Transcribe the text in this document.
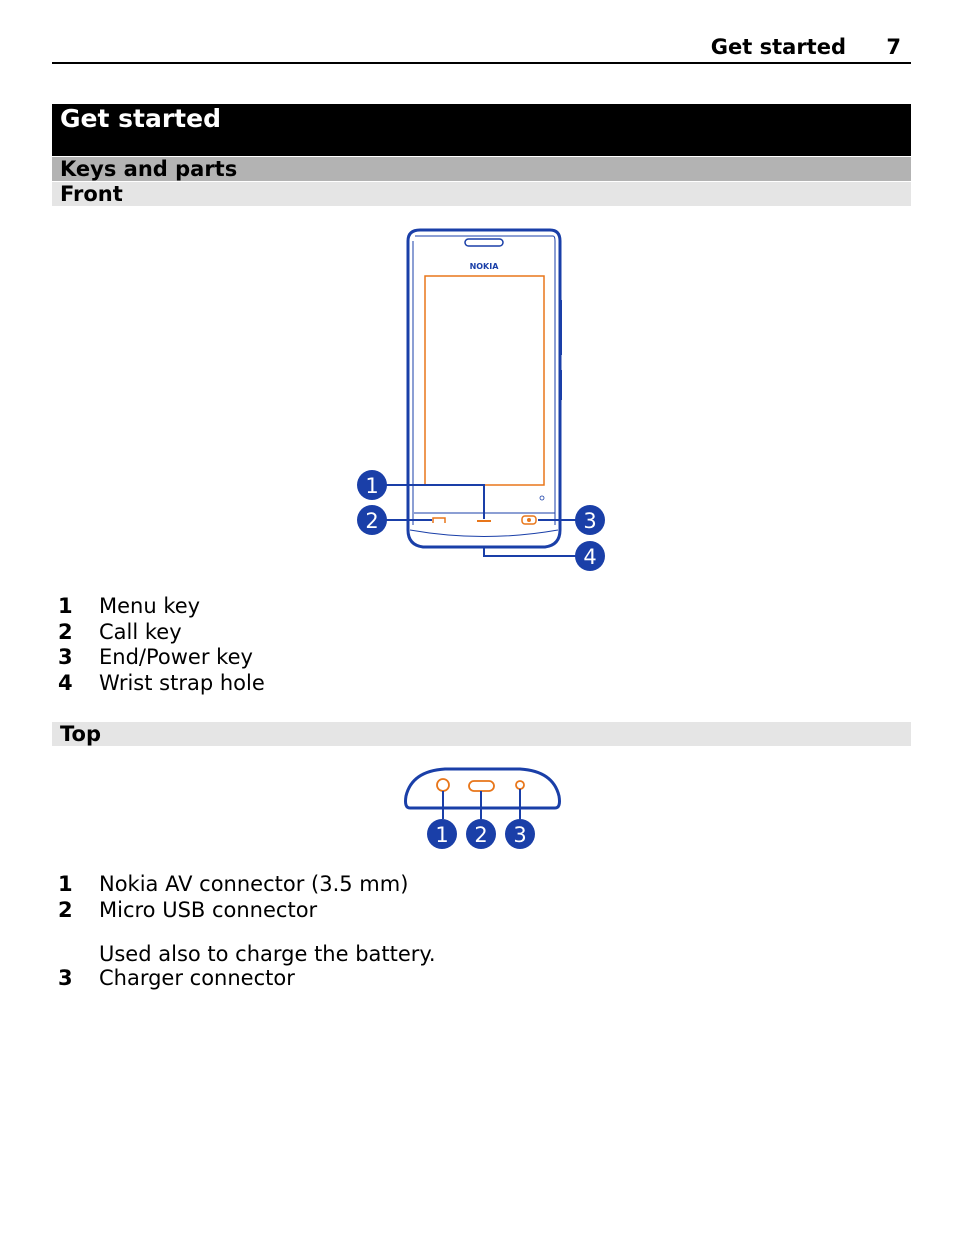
Get started 7
Get started
Keys and parts
Front
NOKIA
1
2	3
4
1 Menu key
2 Call key
3 End/Power key
4 Wrist strap hole
Top
1 2 3
1 Nokia AV connector (3.5 mm)
2 Micro USB connector
Used also to charge the battery.
3 Charger connector
